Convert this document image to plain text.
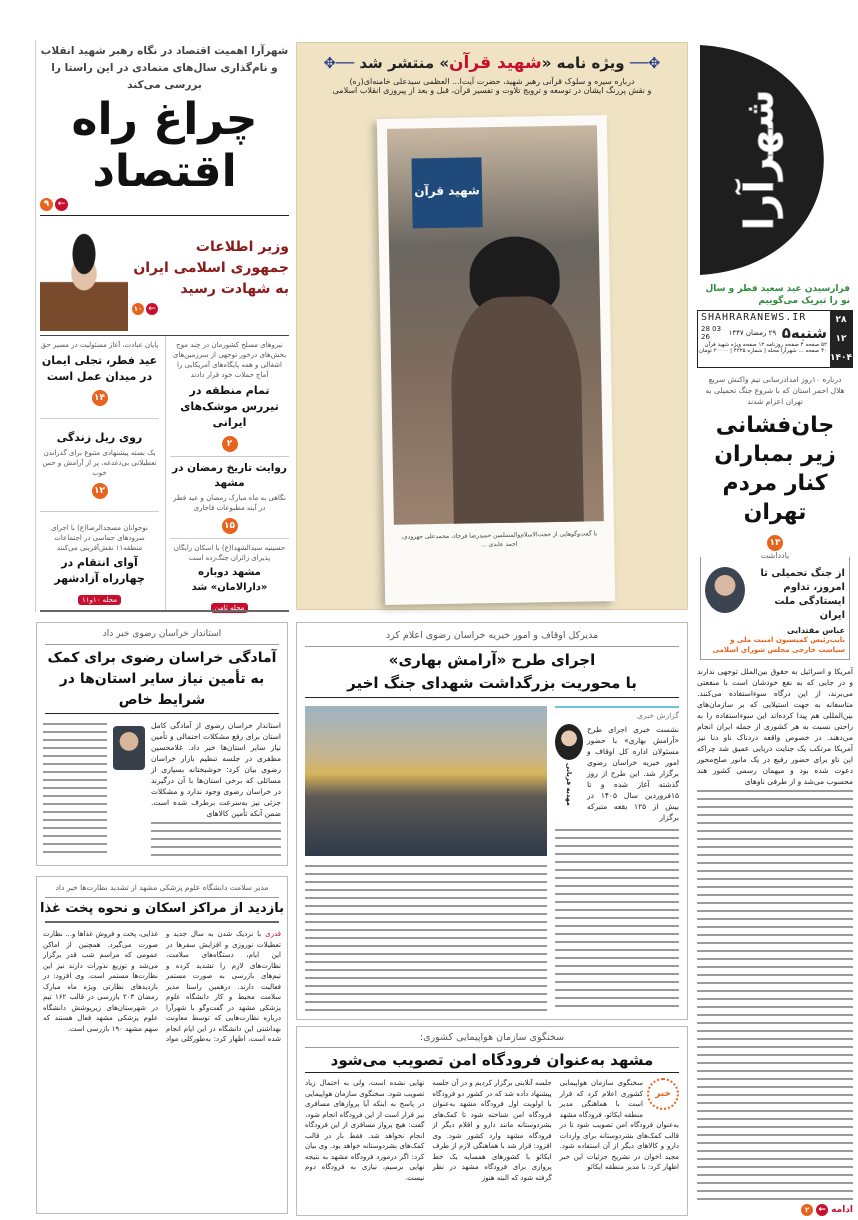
شهرآرا
فرارسیدن عید سعید فطر و سال نو را تبریک می‌گوییم
۲۸
۱۲
۱۴۰۴
SHAHRARANEWS.IR
28 03 26	۲۹ رمضان ۱۴۴۷ ۵شنبه
۵۲ صفحه ۴ صفحه روزنامه ۱۲ صفحه ویژه شهید قرآن
۴۰ صفحه ... شهرآرا محله | شماره ۴۲۲۵ | ۲۰۰۰۰ تومان
درباره ۱۰روز امدادرسانی تیم واکنش سریع هلال احمر استان که با شروع جنگ تحمیلی به تهران اعزام شدند
جان‌فشانی زیر بمباران کنار مردم تهران
۱۳
یادداشت
از جنگ تحمیلی تا امروز، تداوم ایستادگی ملت ایران
عباس مقتدایی
نایب‌رئیس کمیسیون امنیت ملی و سیاست خارجی مجلس شورای اسلامی
آمریکا و اسرائیل به حقوق بین‌الملل توجهی ندارند و در جایی که به نفع خودشان است با منفعتی می‌برند، از این درگاه سوءاستفاده می‌کنند. متاسفانه به جهت استیلایی که بر سازمان‌های بین‌المللی هم پیدا کرده‌اند این سوءاستفاده را به راحتی نسبت به هر کشوری از جمله ایران انجام می‌دهند. در خصوص واقعه دردناک ناو دنا نیز آمریکا مرتکب یک جنایت دریایی عمیق شد چراکه این ناو برای حضور رفیع در یک مانور صلح‌محور دعوت شده بود و میهمان رسمی کشور هند محسوب می‌شد و از طرفی ناوهای
۲	← ادامه
✥── ویژه نامه «شهید قرآن» منتشر شد ──✥
درباره سیره و سلوک قرآنی رهبر شهید، حضرت آیت‌ا... العظمی سیدعلی خامنه‌ای(ره)
و نقش پررنگ ایشان در توسعه و ترویج تلاوت و تفسیر قرآن، قبل و بعد از پیروزی انقلاب اسلامی
شهید قرآن
با گفت‌وگوهایی از حجت‌الاسلام‌والمسلمین حمیدرضا فرجاد، محمدعلی جهرودی، احمد عابدی ...
شهرآرا اهمیت اقتصاد در نگاه رهبر شهید انقلاب و نام‌گذاری سال‌های متمادی در این راستا را بررسی می‌کند
چراغ راه
اقتصاد
۹ ←
وزیر اطلاعات
جمهوری اسلامی ایران
به شهادت رسید
۱۰ ←
نیروهای مسلح کشورمان در چند موج بخش‌های درخور توجهی از سرزمین‌های اشغالی و همه پایگاه‌های آمریکایی را آماج حملات خود قرار دادند
تمام منطقه در تیررس موشک‌های ایرانی
۲
روایت تاریخ رمضان در مشهد
نگاهی به ماه مبارک رمضان و عید فطر در آینه مطبوعات قاجاری
۱۵
حسینیه سیدالشهدا(ع) با اسکان رایگان پذیرای زائران جنگ‌زده است
مشهد دوباره «دارالامان» شد
محله ثامن
پایان عبادت، آغاز مسئولیت در مسیر حق
عید فطر، تجلی ایمان در میدان عمل است
۱۴
روی ریل زندگی
یک بسته پیشنهادی متنوع برای گذراندن تعطیلاتی بی‌دغدغه، پر از آرامش و حس خوب
۱۲
نوجوانان مسجدالرضا(ع) با اجرای سرودهای حماسی در اجتماعات منطقه۱۱ نقش‌آفرینی می‌کنند
آوای انتقام در چهارراه آزادشهر
محله ۱۰و۱۱
استاندار خراسان رضوی خبر داد
آمادگی خراسان رضوی برای کمک به تأمین نیاز سایر استان‌ها در شرایط خاص
استاندار خراسان رضوی از آمادگی کامل استان برای رفع مشکلات احتمالی و تأمین نیاز سایر استان‌ها خبر داد. غلامحسین مظفری در جلسه تنظیم بازار خراسان رضوی بیان کرد: خوشبختانه بسیاری از مسائلی که برخی استان‌ها با آن درگیرند در خراسان رضوی وجود ندارد و مشکلات جزئی نیز به‌سرعت برطرف شده است. ضمن آنکه تأمین کالاهای
مدیرکل اوقاف و امور خیریه خراسان رضوی اعلام کرد
اجرای طرح «آرامش بهاری»
با محوریت بزرگداشت شهدای جنگ اخیر
گزارش خبری
نشست خبری اجرای طرح «آرامش بهاری» با حضور مسئولان اداره کل اوقاف و امور خیریه خراسان رضوی برگزار شد. این طرح از روز گذشته آغاز شده و تا ۱۵فروردین سال ۱۴۰۵ در بیش از ۱۲۵ بقعه متبرکه برگزار
مهدیه قربانی
مدیر سلامت دانشگاه علوم پزشکی مشهد از تشدید نظارت‌ها خبر داد
بازدید از مراکز اسکان و نحوه پخت غذا
قدری با نزدیک شدن به سال جدید و تعطیلات نوروزی و افزایش سفرها در این ایام، دستگاه‌های سلامت، نظارت‌های لازم را تشدید کرده و تیم‌های بازرسی به صورت مستمر فعالیت دارند. درهمین راستا مدیر سلامت محیط و کار دانشگاه علوم پزشکی مشهد در گفت‌وگو با شهرآرا درباره نظارت‌هایی که توسط معاونت بهداشتی این دانشگاه در این ایام انجام شده است، اظهار کرد: به‌طورکلی مواد غذایی، پخت و فروش غذاها و... نظارت صورت می‌گیرد. همچنین از اماکن عمومی که مراسم شب قدر برگزار می‌شد و توزیع نذورات دارند نیز این نظارت‌ها مستمر است. وی افزود: در بازدیدهای نظارتی ویژه ماه مبارک رمضان ۲۰۳ بازرسی در قالب ۱۶۲ تیم در شهرستان‌های زیرپوشش دانشگاه علوم پزشکی مشهد فعال هستند که سهم مشهد ۱۹۰ بازرسی است.
سخنگوی سازمان هواپیمایی کشوری:
مشهد به‌عنوان فرودگاه امن تصویب می‌شود
خبر
سخنگوی سازمان هواپیمایی کشوری اعلام کرد که قرار است با هماهنگی مدیر منطقه ایکائو، فرودگاه مشهد به‌عنوان فرودگاه امن تصویب شود تا در قالب کمک‌های بشردوستانه برای واردات دارو و کالاهای دیگر از آن استفاده شود. مجید اخوان در تشریح جزئیات این خبر اظهار کرد: با مدیر منطقه ایکائو
جلسه آنلاینی برگزار کردیم و در آن جلسه پیشنهاد داده شد که در کشور دو فرودگاه با اولویت اول فرودگاه مشهد به‌عنوان فرودگاه امن شناخته شود تا کمک‌های بشردوستانه مانند دارو و اقلام دیگر از فرودگاه مشهد وارد کشور شود. وی افزود: قرار شد با هماهنگی لازم از طرف ایکائو با کشورهای همسایه یک خط پروازی برای فرودگاه مشهد در نظر گرفته شود که البته هنوز
نهایی نشده است، ولی به احتمال زیاد تصویب شود. سخنگوی سازمان هواپیمایی در پاسخ به اینکه آیا پروازهای مسافری نیز قرار است از این فرودگاه انجام شود، گفت: هیچ پرواز مسافری از این فرودگاه انجام نخواهد شد. فقط بار در قالب کمک‌های بشردوستانه خواهد بود. وی بیان کرد: اگر درمورد فرودگاه مشهد به نتیجه نهایی برسیم، نیازی به فرودگاه دوم نیست.
